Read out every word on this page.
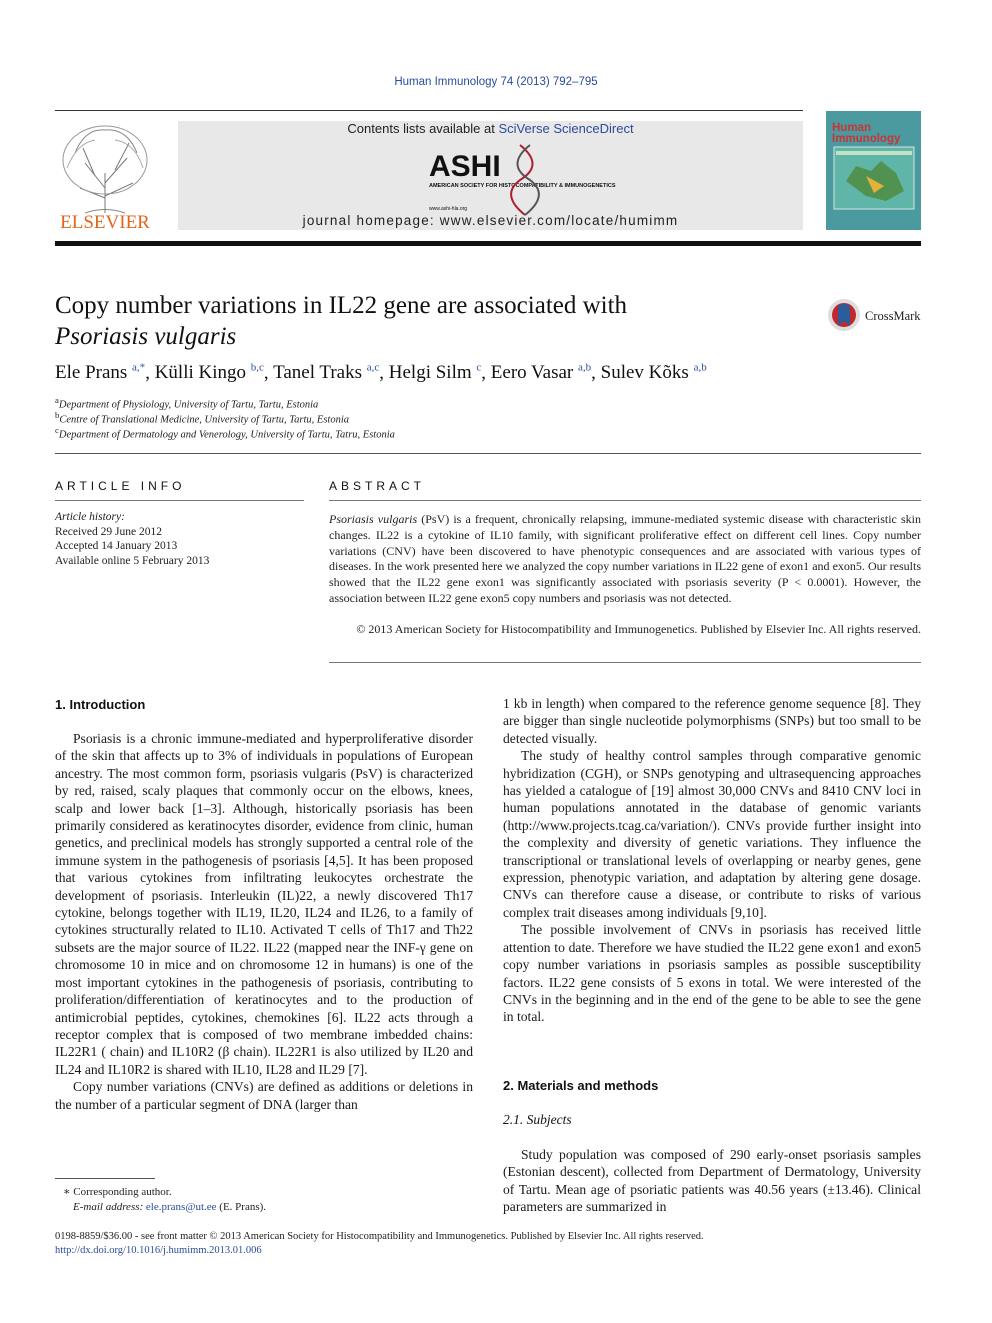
Human Immunology 74 (2013) 792–795
ELSEVIER
Contents lists available at SciVerse ScienceDirect
ASHI
AMERICAN SOCIETY FOR HISTOCOMPATIBILITY & IMMUNOGENETICS
www.ashi-hla.org
journal homepage: www.elsevier.com/locate/humimm
Human
Immunology
Copy number variations in IL22 gene are associated with
Psoriasis vulgaris
CrossMark
Ele Prans $^{a,*}$, Külli Kingo $^{b,c}$, Tanel Traks $^{a,c}$, Helgi Silm $^c$, Eero Vasar $^{a,b}$, Sulev Kõks $^{a,b}$
$^a$Department of Physiology, University of Tartu, Tartu, Estonia
$^b$Centre of Translational Medicine, University of Tartu, Tartu, Estonia
$^c$Department of Dermatology and Venerology, University of Tartu, Tatru, Estonia
ARTICLE INFO
Article history:
Received 29 June 2012
Accepted 14 January 2013
Available online 5 February 2013
ABSTRACT
Psoriasis vulgaris (PsV) is a frequent, chronically relapsing, immune-mediated systemic disease with characteristic skin changes. IL22 is a cytokine of IL10 family, with significant proliferative effect on different cell lines. Copy number variations (CNV) have been discovered to have phenotypic consequences and are associated with various types of diseases. In the work presented here we analyzed the copy number variations in IL22 gene of exon1 and exon5. Our results showed that the IL22 gene exon1 was significantly associated with psoriasis severity (P < 0.0001). However, the association between IL22 gene exon5 copy numbers and psoriasis was not detected.
© 2013 American Society for Histocompatibility and Immunogenetics. Published by Elsevier Inc. All rights reserved.
1. Introduction

Psoriasis is a chronic immune-mediated and hyperproliferative disorder of the skin that affects up to 3% of individuals in populations of European ancestry. The most common form, psoriasis vulgaris (PsV) is characterized by red, raised, scaly plaques that commonly occur on the elbows, knees, scalp and lower back [1–3]. Although, historically psoriasis has been primarily considered as keratinocytes disorder, evidence from clinic, human genetics, and preclinical models has strongly supported a central role of the immune system in the pathogenesis of psoriasis [4,5]. It has been proposed that various cytokines from infiltrating leukocytes orchestrate the development of psoriasis. Interleukin (IL)22, a newly discovered Th17 cytokine, belongs together with IL19, IL20, IL24 and IL26, to a family of cytokines structurally related to IL10. Activated T cells of Th17 and Th22 subsets are the major source of IL22. IL22 (mapped near the INF-γ gene on chromosome 10 in mice and on chromosome 12 in humans) is one of the most important cytokines in the pathogenesis of psoriasis, contributing to proliferation/differentiation of keratinocytes and to the production of antimicrobial peptides, cytokines, chemokines [6]. IL22 acts through a receptor complex that is composed of two membrane imbedded chains: IL22R1 ( chain) and IL10R2 (β chain). IL22R1 is also utilized by IL20 and IL24 and IL10R2 is shared with IL10, IL28 and IL29 [7].

Copy number variations (CNVs) are defined as additions or deletions in the number of a particular segment of DNA (larger than

1 kb in length) when compared to the reference genome sequence [8]. They are bigger than single nucleotide polymorphisms (SNPs) but too small to be detected visually.

The study of healthy control samples through comparative genomic hybridization (CGH), or SNPs genotyping and ultrasequencing approaches has yielded a catalogue of [19] almost 30,000 CNVs and 8410 CNV loci in human populations annotated in the database of genomic variants (http://www.projects.tcag.ca/variation/). CNVs provide further insight into the complexity and diversity of genetic variations. They influence the transcriptional or translational levels of overlapping or nearby genes, gene expression, phenotypic variation, and adaptation by altering gene dosage. CNVs can therefore cause a disease, or contribute to risks of various complex trait diseases among individuals [9,10].

The possible involvement of CNVs in psoriasis has received little attention to date. Therefore we have studied the IL22 gene exon1 and exon5 copy number variations in psoriasis samples as possible susceptibility factors. IL22 gene consists of 5 exons in total. We were interested of the CNVs in the beginning and in the end of the gene to be able to see the gene in total.

2. Materials and methods
2.1. Subjects

Study population was composed of 290 early-onset psoriasis samples (Estonian descent), collected from Department of Dermatology, University of Tartu. Mean age of psoriatic patients was 40.56 years (±13.46). Clinical parameters are summarized in

∗ Corresponding author.
E-mail address: ele.prans@ut.ee (E. Prans).
0198-8859/$36.00 - see front matter © 2013 American Society for Histocompatibility and Immunogenetics. Published by Elsevier Inc. All rights reserved.
http://dx.doi.org/10.1016/j.humimm.2013.01.006
